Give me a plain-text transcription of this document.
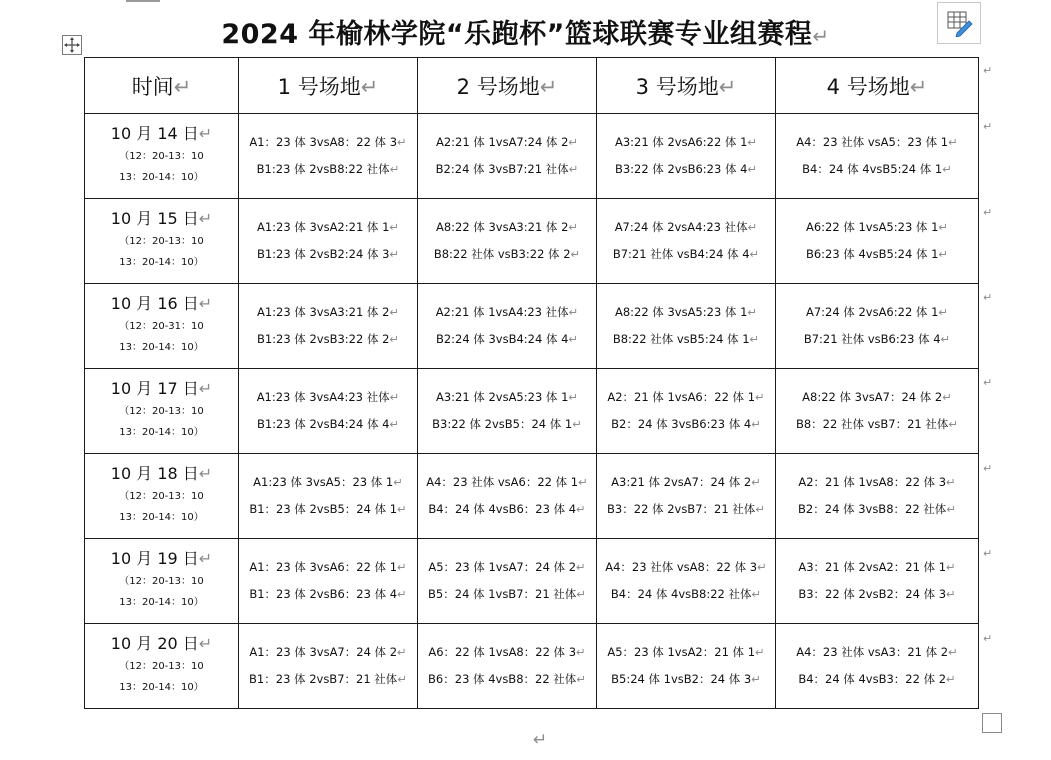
2024 年榆林学院“乐跑杯”篮球联赛专业组赛程↵
时间↵	1 号场地↵	2 号场地↵	3 号场地↵	4 号场地↵

10 月 14 日↵
（12：20-13：10
13：20-14：10）	A1：23 体 3vsA8：22 体 3↵
B1:23 体 2vsB8:22 社体↵	A2:21 体 1vsA7:24 体 2↵
B2:24 体 3vsB7:21 社体↵	A3:21 体 2vsA6:22 体 1↵
B3:22 体 2vsB6:23 体 4↵	A4：23 社体 vsA5：23 体 1↵
B4：24 体 4vsB5:24 体 1↵

10 月 15 日↵
（12：20-13：10
13：20-14：10）	A1:23 体 3vsA2:21 体 1↵
B1:23 体 2vsB2:24 体 3↵	A8:22 体 3vsA3:21 体 2↵
B8:22 社体 vsB3:22 体 2↵	A7:24 体 2vsA4:23 社体↵
B7:21 社体 vsB4:24 体 4↵	A6:22 体 1vsA5:23 体 1↵
B6:23 体 4vsB5:24 体 1↵

10 月 16 日↵
（12：20-31：10
13：20-14：10）	A1:23 体 3vsA3:21 体 2↵
B1:23 体 2vsB3:22 体 2↵	A2:21 体 1vsA4:23 社体↵
B2:24 体 3vsB4:24 体 4↵	A8:22 体 3vsA5:23 体 1↵
B8:22 社体 vsB5:24 体 1↵	A7:24 体 2vsA6:22 体 1↵
B7:21 社体 vsB6:23 体 4↵

10 月 17 日↵
（12：20-13：10
13：20-14：10）	A1:23 体 3vsA4:23 社体↵
B1:23 体 2vsB4:24 体 4↵	A3:21 体 2vsA5:23 体 1↵
B3:22 体 2vsB5：24 体 1↵	A2：21 体 1vsA6：22 体 1↵
B2：24 体 3vsB6:23 体 4↵	A8:22 体 3vsA7：24 体 2↵
B8：22 社体 vsB7：21 社体↵

10 月 18 日↵
（12：20-13：10
13：20-14：10）	A1:23 体 3vsA5：23 体 1↵
B1：23 体 2vsB5：24 体 1↵	A4：23 社体 vsA6：22 体 1↵
B4：24 体 4vsB6：23 体 4↵	A3:21 体 2vsA7：24 体 2↵
B3：22 体 2vsB7：21 社体↵	A2：21 体 1vsA8：22 体 3↵
B2：24 体 3vsB8：22 社体↵

10 月 19 日↵
（12：20-13：10
13：20-14：10）	A1：23 体 3vsA6：22 体 1↵
B1：23 体 2vsB6：23 体 4↵	A5：23 体 1vsA7：24 体 2↵
B5：24 体 1vsB7：21 社体↵	A4：23 社体 vsA8：22 体 3↵
B4：24 体 4vsB8:22 社体↵	A3：21 体 2vsA2：21 体 1↵
B3：22 体 2vsB2：24 体 3↵

10 月 20 日↵
（12：20-13：10
13：20-14：10）	A1：23 体 3vsA7：24 体 2↵
B1：23 体 2vsB7：21 社体↵	A6：22 体 1vsA8：22 体 3↵
B6：23 体 4vsB8：22 社体↵	A5：23 体 1vsA2：21 体 1↵
B5:24 体 1vsB2：24 体 3↵	A4：23 社体 vsA3：21 体 2↵
B4：24 体 4vsB3：22 体 2↵
↵
↵
↵
↵
↵
↵
↵
↵
↵
